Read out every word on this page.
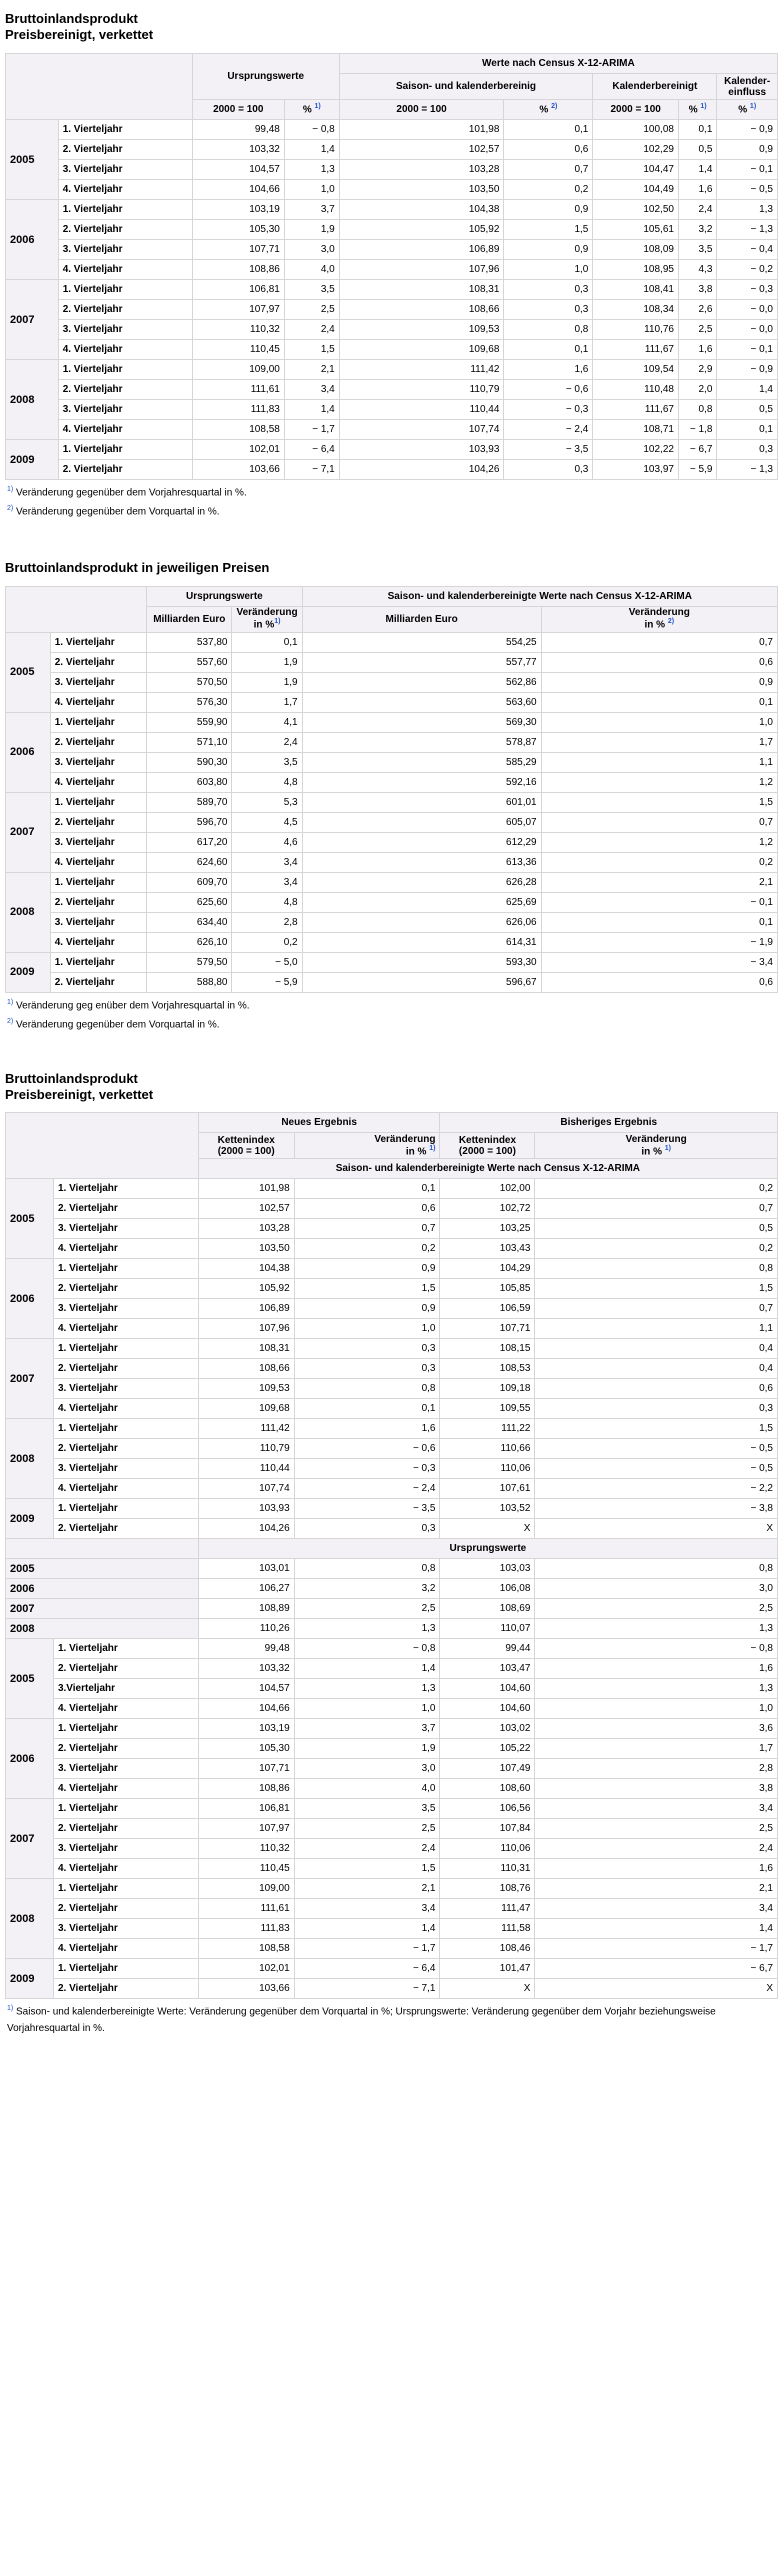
Bruttoinlandsprodukt
Preisbereinigt, verkettet
		Ursprungswerte		Werte nach Census X-12-ARIMA				
				Saison- und kalenderbereinig		Kalenderbereinigt		Kalender-
einfluss
		2000 = 100	% $^{1)}$	2000 = 100	% $^{2)}$	2000 = 100	% $^{1)}$	% $^{1)}$
2005	1. Vierteljahr	99,48	− 0,8	101,98	0,1	100,08	0,1	− 0,9
	2. Vierteljahr	103,32	1,4	102,57	0,6	102,29	0,5	0,9
	3. Vierteljahr	104,57	1,3	103,28	0,7	104,47	1,4	− 0,1
	4. Vierteljahr	104,66	1,0	103,50	0,2	104,49	1,6	− 0,5
2006	1. Vierteljahr	103,19	3,7	104,38	0,9	102,50	2,4	1,3
	2. Vierteljahr	105,30	1,9	105,92	1,5	105,61	3,2	− 1,3
	3. Vierteljahr	107,71	3,0	106,89	0,9	108,09	3,5	− 0,4
	4. Vierteljahr	108,86	4,0	107,96	1,0	108,95	4,3	− 0,2
2007	1. Vierteljahr	106,81	3,5	108,31	0,3	108,41	3,8	− 0,3
	2. Vierteljahr	107,97	2,5	108,66	0,3	108,34	2,6	− 0,0
	3. Vierteljahr	110,32	2,4	109,53	0,8	110,76	2,5	− 0,0
	4. Vierteljahr	110,45	1,5	109,68	0,1	111,67	1,6	− 0,1
2008	1. Vierteljahr	109,00	2,1	111,42	1,6	109,54	2,9	− 0,9
	2. Vierteljahr	111,61	3,4	110,79	− 0,6	110,48	2,0	1,4
	3. Vierteljahr	111,83	1,4	110,44	− 0,3	111,67	0,8	0,5
	4. Vierteljahr	108,58	− 1,7	107,74	− 2,4	108,71	− 1,8	0,1
2009	1. Vierteljahr	102,01	− 6,4	103,93	− 3,5	102,22	− 6,7	0,3
	2. Vierteljahr	103,66	− 7,1	104,26	0,3	103,97	− 5,9	− 1,3

$^{1)}$ Veränderung gegenüber dem Vorjahresquartal in %.

$^{2)}$ Veränderung gegenüber dem Vorquartal in %.

Bruttoinlandsprodukt in jeweiligen Preisen
		Ursprungswerte		Saison- und kalenderbereinigte Werte nach Census X-12-ARIMA	
		Milliarden Euro	Veränderung
in %$^{1)}$	Milliarden Euro	Veränderung
in % $^{2)}$
2005	1. Vierteljahr	537,80	0,1	554,25	0,7
	2. Vierteljahr	557,60	1,9	557,77	0,6
	3. Vierteljahr	570,50	1,9	562,86	0,9
	4. Vierteljahr	576,30	1,7	563,60	0,1
2006	1. Vierteljahr	559,90	4,1	569,30	1,0
	2. Vierteljahr	571,10	2,4	578,87	1,7
	3. Vierteljahr	590,30	3,5	585,29	1,1
	4. Vierteljahr	603,80	4,8	592,16	1,2
2007	1. Vierteljahr	589,70	5,3	601,01	1,5
	2. Vierteljahr	596,70	4,5	605,07	0,7
	3. Vierteljahr	617,20	4,6	612,29	1,2
	4. Vierteljahr	624,60	3,4	613,36	0,2
2008	1. Vierteljahr	609,70	3,4	626,28	2,1
	2. Vierteljahr	625,60	4,8	625,69	− 0,1
	3. Vierteljahr	634,40	2,8	626,06	0,1
	4. Vierteljahr	626,10	0,2	614,31	− 1,9
2009	1. Vierteljahr	579,50	− 5,0	593,30	− 3,4
	2. Vierteljahr	588,80	− 5,9	596,67	0,6

$^{1)}$ Veränderung geg enüber dem Vorjahresquartal in %.

$^{2)}$ Veränderung gegenüber dem Vorquartal in %.

Bruttoinlandsprodukt
Preisbereinigt, verkettet
		Neues Ergebnis		Bisheriges Ergebnis	
		Kettenindex
(2000 = 100)	Veränderung
in % $^{1)}$	Kettenindex
(2000 = 100)	Veränderung
in % $^{1)}$
		Saison- und kalenderbereinigte Werte nach Census X-12-ARIMA			
2005	1. Vierteljahr	101,98	0,1	102,00	0,2
	2. Vierteljahr	102,57	0,6	102,72	0,7
	3. Vierteljahr	103,28	0,7	103,25	0,5
	4. Vierteljahr	103,50	0,2	103,43	0,2
2006	1. Vierteljahr	104,38	0,9	104,29	0,8
	2. Vierteljahr	105,92	1,5	105,85	1,5
	3. Vierteljahr	106,89	0,9	106,59	0,7
	4. Vierteljahr	107,96	1,0	107,71	1,1
2007	1. Vierteljahr	108,31	0,3	108,15	0,4
	2. Vierteljahr	108,66	0,3	108,53	0,4
	3. Vierteljahr	109,53	0,8	109,18	0,6
	4. Vierteljahr	109,68	0,1	109,55	0,3
2008	1. Vierteljahr	111,42	1,6	111,22	1,5
	2. Vierteljahr	110,79	− 0,6	110,66	− 0,5
	3. Vierteljahr	110,44	− 0,3	110,06	− 0,5
	4. Vierteljahr	107,74	− 2,4	107,61	− 2,2
2009	1. Vierteljahr	103,93	− 3,5	103,52	− 3,8
	2. Vierteljahr	104,26	0,3	X	X
		Ursprungswerte			
2005		103,01	0,8	103,03	0,8
2006		106,27	3,2	106,08	3,0
2007		108,89	2,5	108,69	2,5
2008		110,26	1,3	110,07	1,3
2005	1. Vierteljahr	99,48	− 0,8	99,44	− 0,8
	2. Vierteljahr	103,32	1,4	103,47	1,6
	3.Vierteljahr	104,57	1,3	104,60	1,3
	4. Vierteljahr	104,66	1,0	104,60	1,0
2006	1. Vierteljahr	103,19	3,7	103,02	3,6
	2. Vierteljahr	105,30	1,9	105,22	1,7
	3. Vierteljahr	107,71	3,0	107,49	2,8
	4. Vierteljahr	108,86	4,0	108,60	3,8
2007	1. Vierteljahr	106,81	3,5	106,56	3,4
	2. Vierteljahr	107,97	2,5	107,84	2,5
	3. Vierteljahr	110,32	2,4	110,06	2,4
	4. Vierteljahr	110,45	1,5	110,31	1,6
2008	1. Vierteljahr	109,00	2,1	108,76	2,1
	2. Vierteljahr	111,61	3,4	111,47	3,4
	3. Vierteljahr	111,83	1,4	111,58	1,4
	4. Vierteljahr	108,58	− 1,7	108,46	− 1,7
2009	1. Vierteljahr	102,01	− 6,4	101,47	− 6,7
	2. Vierteljahr	103,66	− 7,1	X	X

$^{1)}$ Saison- und kalenderbereinigte Werte: Veränderung gegenüber dem Vorquartal in %; Ursprungswerte: Veränderung gegenüber dem Vorjahr beziehungsweise Vorjahresquartal in %.
